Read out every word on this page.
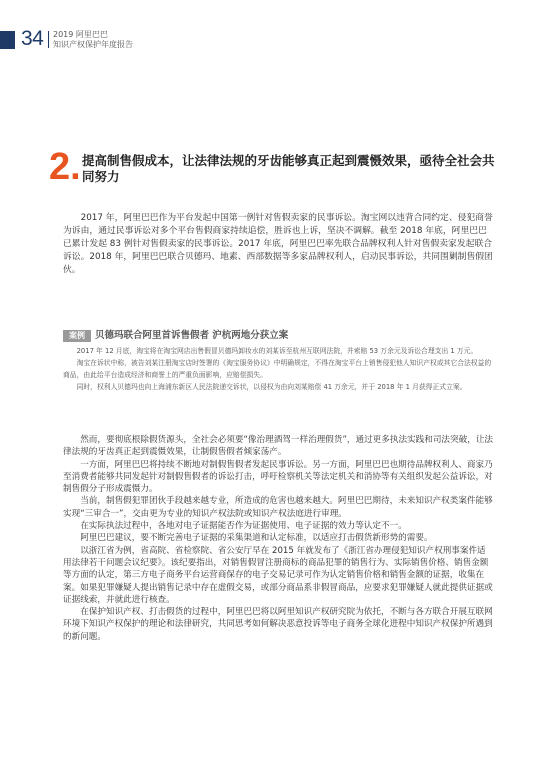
34 2019 阿里巴巴
知识产权保护年度报告
2. 提高制售假成本，让法律法规的牙齿能够真正起到震慑效果，亟待全社会共同努力

2017 年，阿里巴巴作为平台发起中国第一例针对售假卖家的民事诉讼。淘宝网以违背合同约定、侵犯商誉为诉由，通过民事诉讼对多个平台售假商家持续追偿，胜诉也上诉，坚决不调解。截至 2018 年底，阿里巴巴已累计发起 83 例针对售假卖家的民事诉讼。2017 年底，阿里巴巴率先联合品牌权利人针对售假卖家发起联合诉讼。2018 年，阿里巴巴联合贝德玛、地素、西部数据等多家品牌权利人，启动民事诉讼，共同围剿制售假团伙。

案例	贝德玛联合阿里首诉售假者 沪杭两地分获立案

2017 年 12 月底，淘宝将在淘宝网店出售假冒贝德玛卸妆水的刘某诉至杭州互联网法院，并索赔 53 万余元及诉讼合理支出 1 万元。

淘宝在诉状中称，被告刘某注册淘宝店时签署的《淘宝服务协议》中明确规定，不得在淘宝平台上销售侵犯他人知识产权或其它合法权益的商品，由此给平台造成经济和商誉上的严重负面影响，应赔偿损失。

同时，权利人贝德玛也向上海浦东新区人民法院递交诉状，以侵权为由向刘某赔偿 41 万余元，并于 2018 年 1 月获得正式立案。

然而，要彻底根除假货源头，全社会必须要“像治理酒驾一样治理假货”，通过更多执法实践和司法突破，让法律法规的牙齿真正起到震慑效果，让制假售假者倾家荡产。

一方面，阿里巴巴将持续不断地对制假售假者发起民事诉讼。另一方面，阿里巴巴也期待品牌权利人、商家乃至消费者能够共同发起针对制假售假者的诉讼打击，呼吁检察机关等法定机关和消协等有关组织发起公益诉讼，对制售假分子形成震慑力。

当前，制售假犯罪团伙手段越来越专业，所造成的危害也越来越大。阿里巴巴期待，未来知识产权类案件能够实现“三审合一”，交由更为专业的知识产权法院或知识产权法庭进行审理。

在实际执法过程中，各地对电子证据能否作为证据使用、电子证据的效力等认定不一。

阿里巴巴建议，要不断完善电子证据的采集渠道和认定标准，以适应打击假货新形势的需要。

以浙江省为例，省高院、省检察院、省公安厅早在 2015 年就发布了《浙江省办理侵犯知识产权刑事案件适用法律若干问题会议纪要》。该纪要指出，对销售假冒注册商标的商品犯罪的销售行为、实际销售价格、销售金额等方面的认定，第三方电子商务平台运营商保存的电子交易记录可作为认定销售价格和销售金额的证据，收集在案。如果犯罪嫌疑人提出销售记录中存在虚假交易，或部分商品系非假冒商品，应要求犯罪嫌疑人就此提供证据或证据线索，并就此进行核查。

在保护知识产权、打击假货的过程中，阿里巴巴将以阿里知识产权研究院为依托，不断与各方联合开展互联网环境下知识产权保护的理论和法律研究，共同思考如何解决恶意投诉等电子商务全球化进程中知识产权保护所遇到的新问题。
